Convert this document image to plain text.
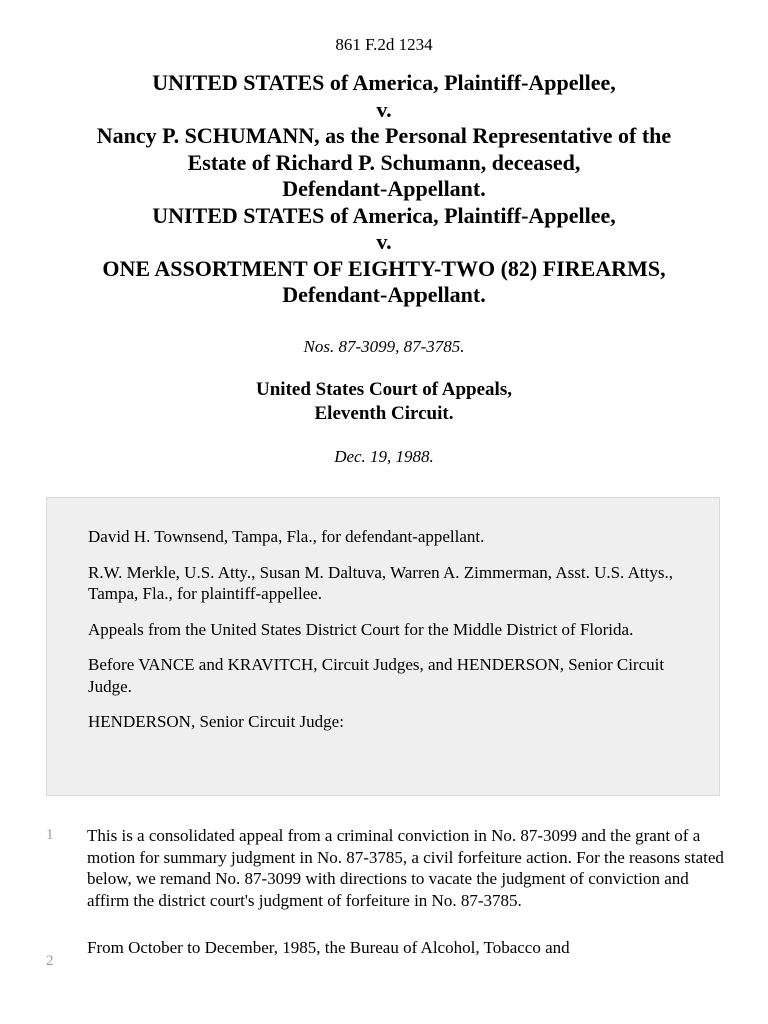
861 F.2d 1234
UNITED STATES of America, Plaintiff-Appellee,
v.
Nancy P. SCHUMANN, as the Personal Representative of the
Estate of Richard P. Schumann, deceased,
Defendant-Appellant.
UNITED STATES of America, Plaintiff-Appellee,
v.
ONE ASSORTMENT OF EIGHTY-TWO (82) FIREARMS,
Defendant-Appellant.
Nos. 87-3099, 87-3785.
United States Court of Appeals,
Eleventh Circuit.
Dec. 19, 1988.

David H. Townsend, Tampa, Fla., for defendant-appellant.

R.W. Merkle, U.S. Atty., Susan M. Daltuva, Warren A. Zimmerman, Asst. U.S. Attys., Tampa, Fla., for plaintiff-appellee.

Appeals from the United States District Court for the Middle District of Florida.

Before VANCE and KRAVITCH, Circuit Judges, and HENDERSON, Senior Circuit Judge.

HENDERSON, Senior Circuit Judge:

1 This is a consolidated appeal from a criminal conviction in No. 87-3099 and the grant of a motion for summary judgment in No. 87-3785, a civil forfeiture action. For the reasons stated below, we remand No. 87-3099 with directions to vacate the judgment of conviction and affirm the district court's judgment of forfeiture in No. 87-3785.
2
From October to December, 1985, the Bureau of Alcohol, Tobacco and
